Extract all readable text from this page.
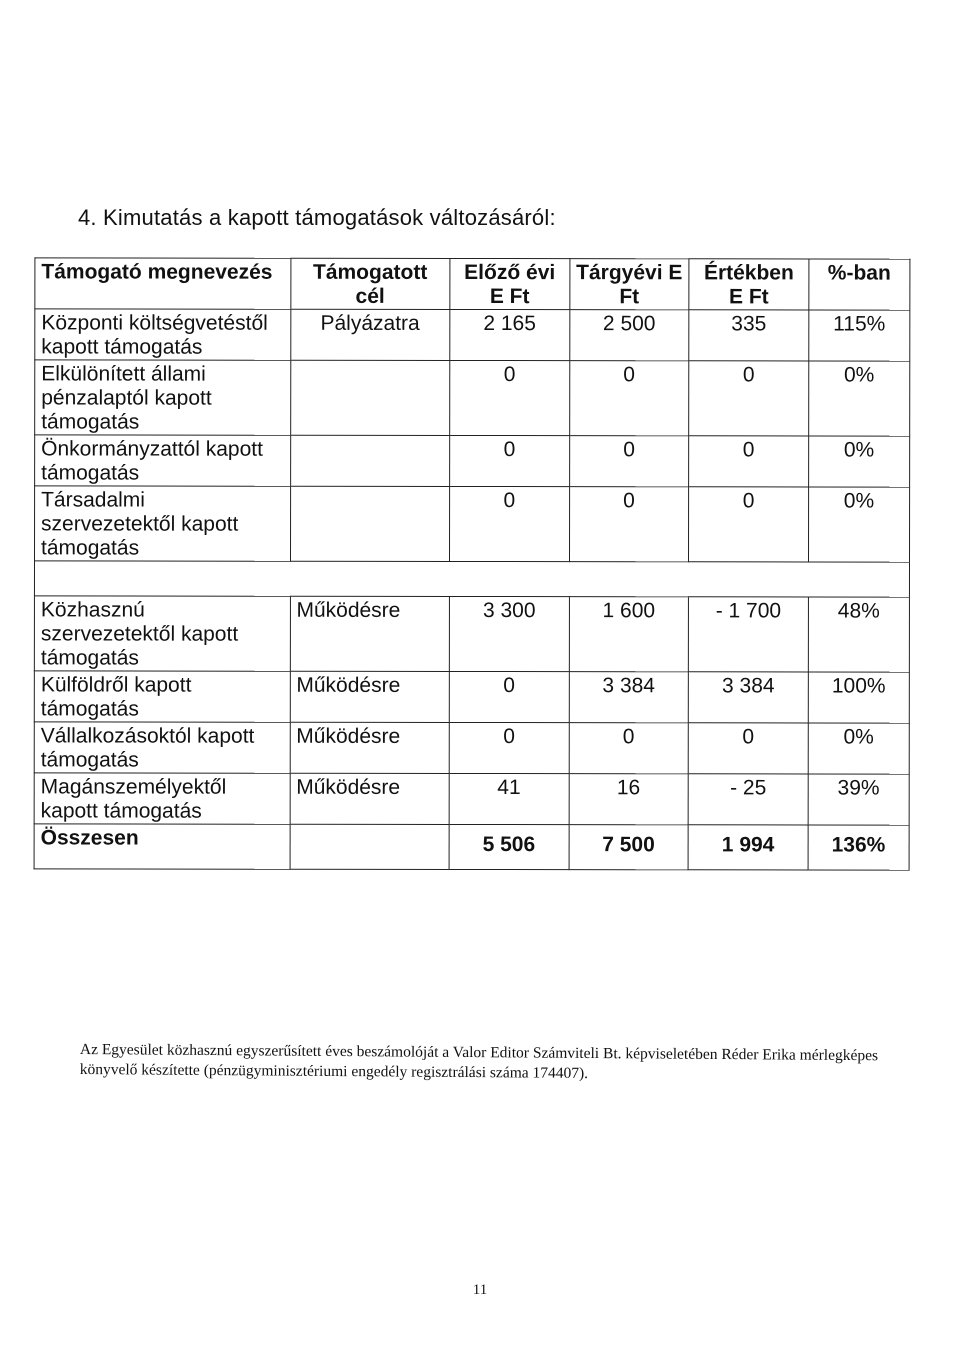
4. Kimutatás a kapott támogatások változásáról:
Támogató megnevezés	Támogatott cél	Előző évi E Ft	Tárgyévi E Ft	Értékben E Ft	%-ban
Központi költségvetéstől kapott támogatás	Pályázatra	2 165	2 500	335	115%
Elkülönített állami pénzalaptól kapott támogatás		0	0	0	0%
Önkormányzattól kapott támogatás		0	0	0	0%
Társadalmi szervezetektől kapott támogatás		0	0	0	0%

Közhasznú szervezetektől kapott támogatás	Működésre	3 300	1 600	- 1 700	48%
Külföldről kapott támogatás	Működésre	0	3 384	3 384	100%
Vállalkozásoktól kapott támogatás	Működésre	0	0	0	0%
Magánszemélyektől kapott támogatás	Működésre	41	16	- 25	39%
Összesen		5 506	7 500	1 994	136%
Az Egyesület közhasznú egyszerűsített éves beszámolóját a Valor Editor Számviteli Bt. képviseletében Réder Erika mérlegképes könyvelő készítette (pénzügyminisztériumi engedély regisztrálási száma 174407).
11
